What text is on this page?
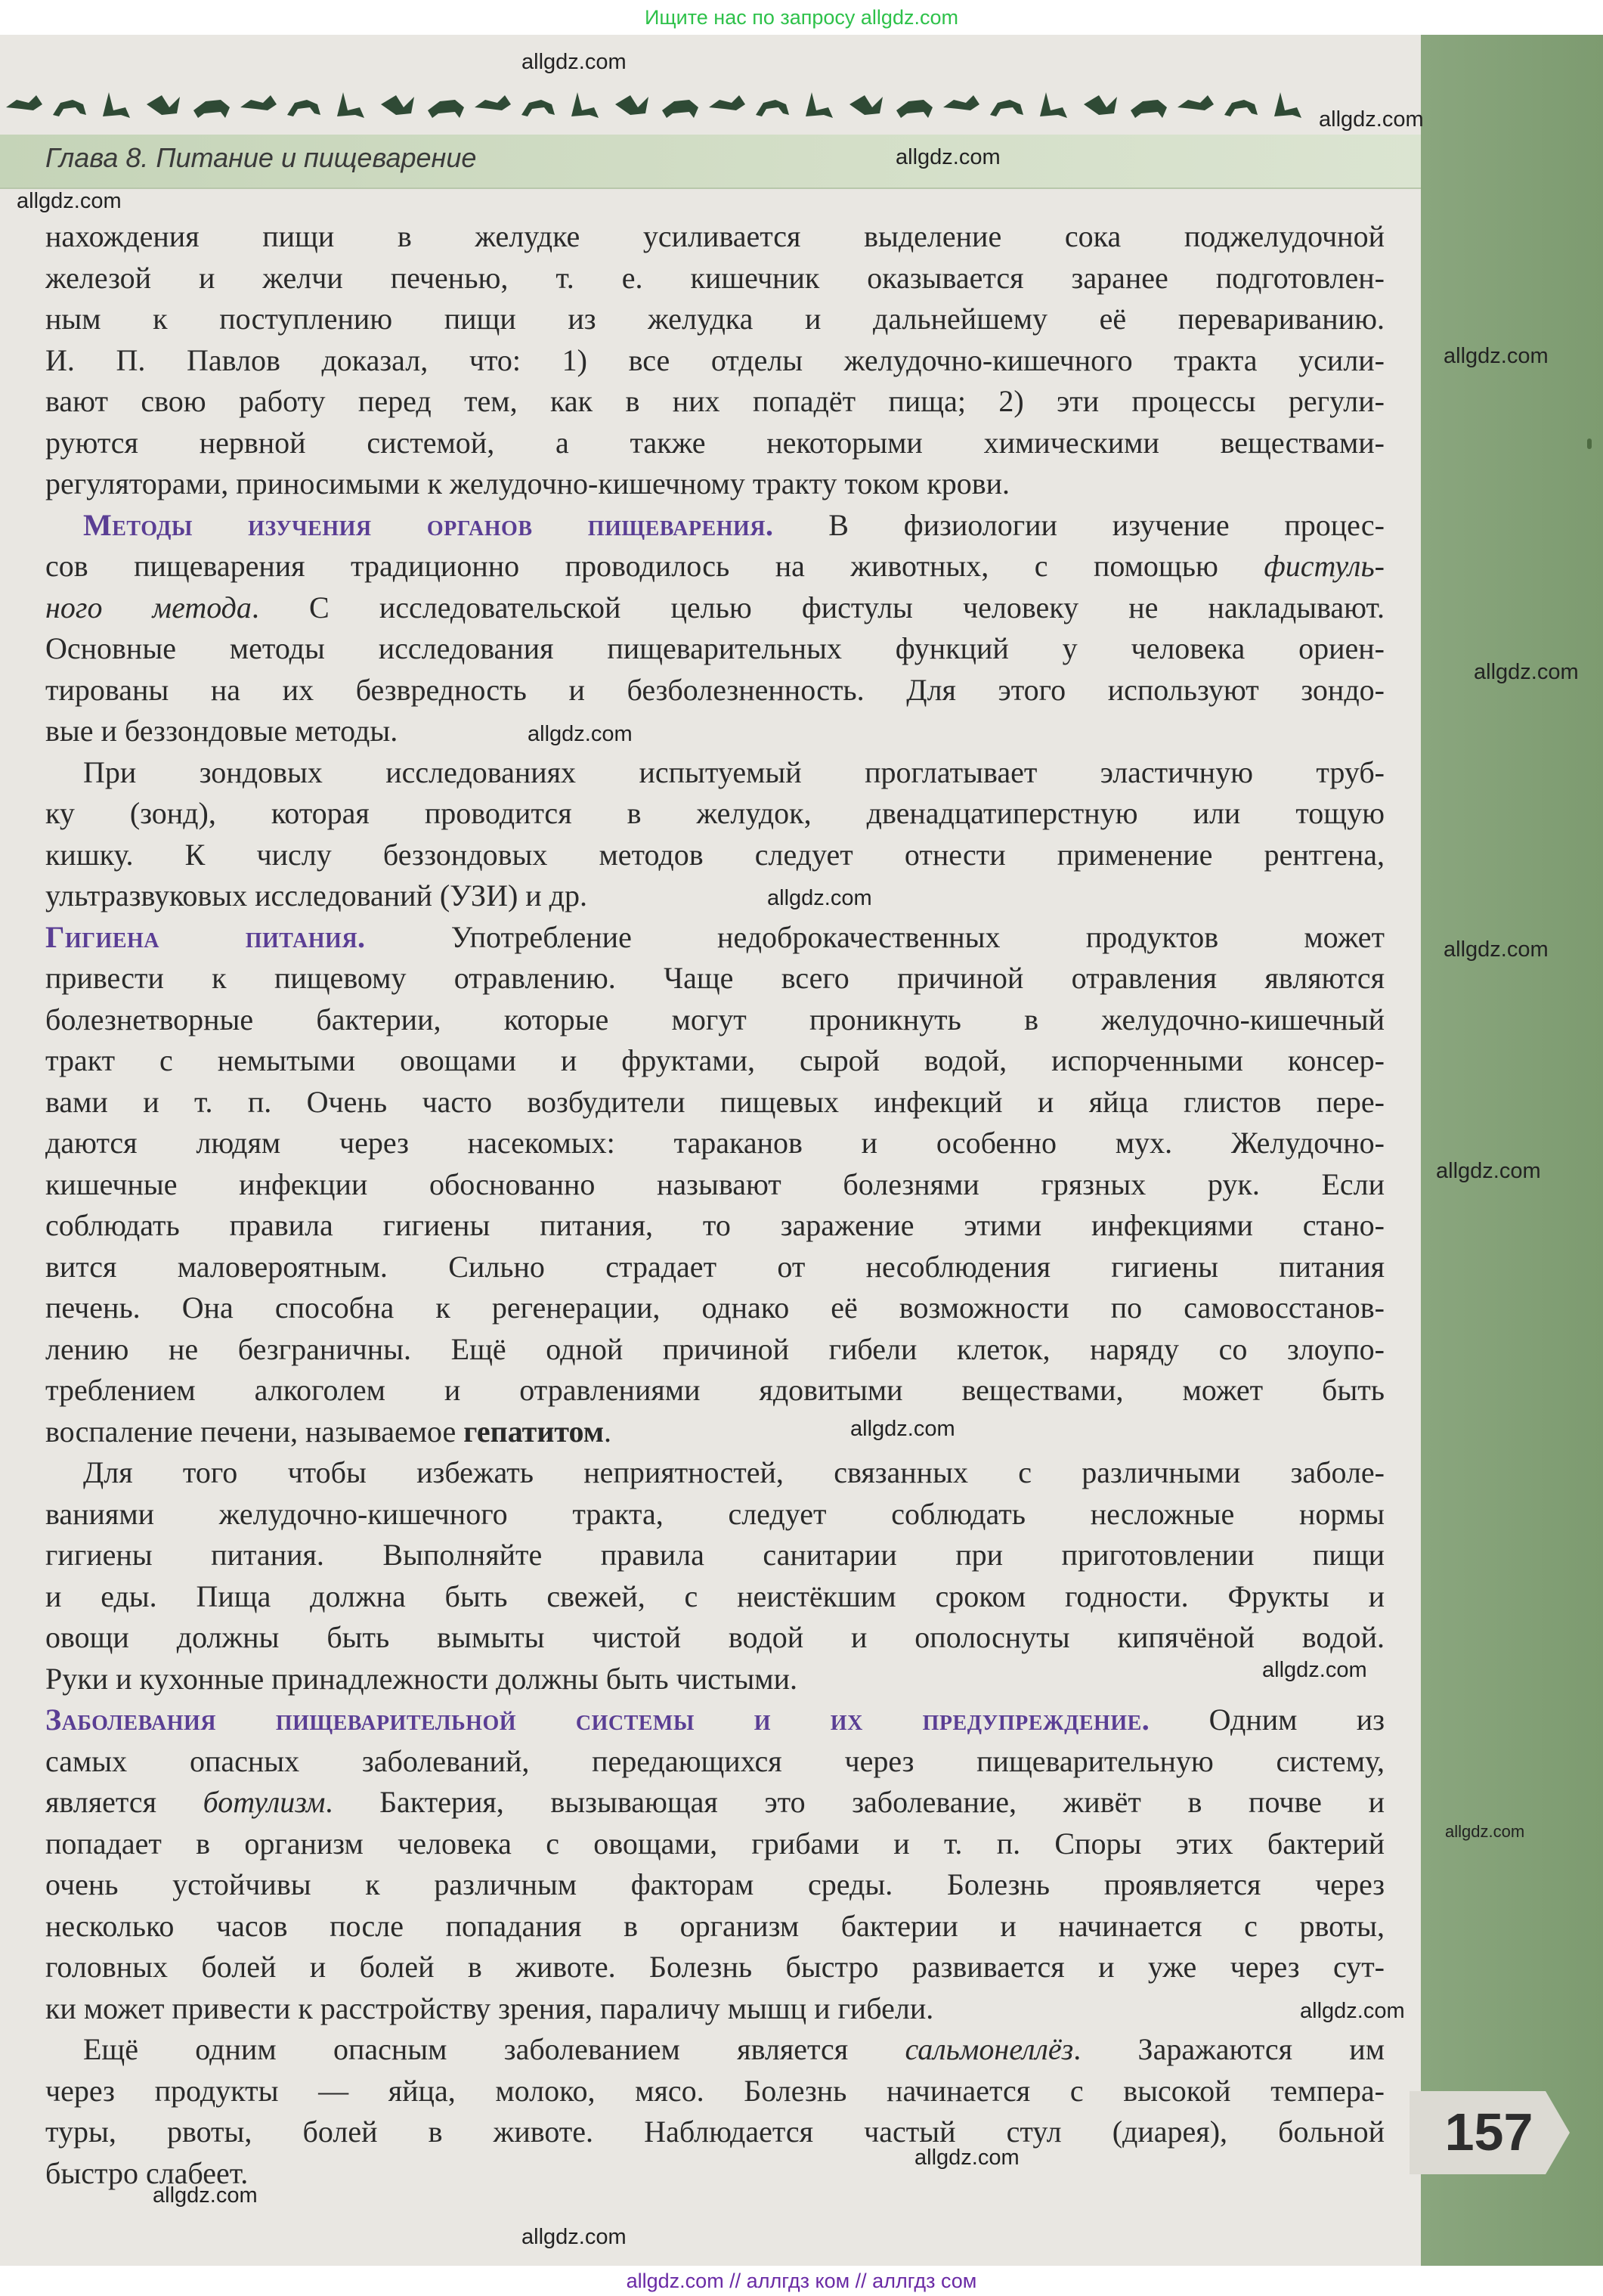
Ищите нас по запросу allgdz.com
Глава 8. Питание и пищеварение
нахождения пищи в желудке усиливается выделение сока поджелудочной
железой и желчи печенью, т. е. кишечник оказывается заранее подготовлен-
ным к поступлению пищи из желудка и дальнейшему её перевариванию.
И. П. Павлов доказал, что: 1) все отделы желудочно-кишечного тракта усили-
вают свою работу перед тем, как в них попадёт пища; 2) эти процессы регули-
руются нервной системой, а также некоторыми химическими веществами-
регуляторами, приносимыми к желудочно-кишечному тракту током крови.
Методы изучения органов пищеварения. В физиологии изучение процес-
сов пищеварения традиционно проводилось на животных, с помощью фистуль-
ного метода. С исследовательской целью фистулы человеку не накладывают.
Основные методы исследования пищеварительных функций у человека ориен-
тированы на их безвредность и безболезненность. Для этого используют зондо-
вые и беззондовые методы.
При зондовых исследованиях испытуемый проглатывает эластичную труб-
ку (зонд), которая проводится в желудок, двенадцатиперстную или тощую
кишку. К числу беззондовых методов следует отнести применение рентгена,
ультразвуковых исследований (УЗИ) и др.
Гигиена питания.	Употребление недоброкачественных продуктов может
привести к пищевому отравлению. Чаще всего причиной отравления являются
болезнетворные бактерии, которые могут проникнуть в желудочно-кишечный
тракт с немытыми овощами и фруктами, сырой водой, испорченными консер-
вами и т. п. Очень часто возбудители пищевых инфекций и яйца глистов пере-
даются людям через насекомых: тараканов и особенно мух. Желудочно-
кишечные инфекции обоснованно называют болезнями грязных рук. Если
соблюдать правила гигиены питания, то заражение этими инфекциями стано-
вится маловероятным. Сильно страдает от несоблюдения гигиены питания
печень. Она способна к регенерации, однако её возможности по самовосстанов-
лению не безграничны. Ещё одной причиной гибели клеток, наряду со злоупо-
треблением алкоголем и отравлениями ядовитыми веществами, может быть
воспаление печени, называемое гепатитом.
Для того чтобы избежать неприятностей, связанных с различными заболе-
ваниями желудочно-кишечного тракта, следует соблюдать несложные нормы
гигиены питания. Выполняйте правила санитарии при приготовлении пищи
и еды. Пища должна быть свежей, с неистёкшим сроком годности. Фрукты и
овощи должны быть вымыты чистой водой и ополоснуты кипячёной водой.
Руки и кухонные принадлежности должны быть чистыми.
Заболевания пищеварительной системы и их предупреждение. Одним из
самых опасных заболеваний, передающихся через пищеварительную систему,
является ботулизм. Бактерия, вызывающая это заболевание, живёт в почве и
попадает в организм человека с овощами, грибами и т. п. Споры этих бактерий
очень устойчивы к различным факторам среды. Болезнь проявляется через
несколько часов после попадания в организм бактерии и начинается с рвоты,
головных болей и болей в животе. Болезнь быстро развивается и уже через сут-
ки может привести к расстройству зрения, параличу мышц и гибели.
Ещё одним опасным заболеванием является сальмонеллёз. Заражаются им
через продукты — яйца, молоко, мясо. Болезнь начинается с высокой темпера-
туры, рвоты, болей в животе. Наблюдается частый стул (диарея), больной
быстро слабеет.
157
allgdz.com
allgdz.com
allgdz.com
allgdz.com
allgdz.com
allgdz.com
allgdz.com
allgdz.com
allgdz.com
allgdz.com
allgdz.com
allgdz.com
allgdz.com
allgdz.com
allgdz.com
allgdz.com
allgdz.com
allgdz.com // аллгдз ком // аллгдз сом
